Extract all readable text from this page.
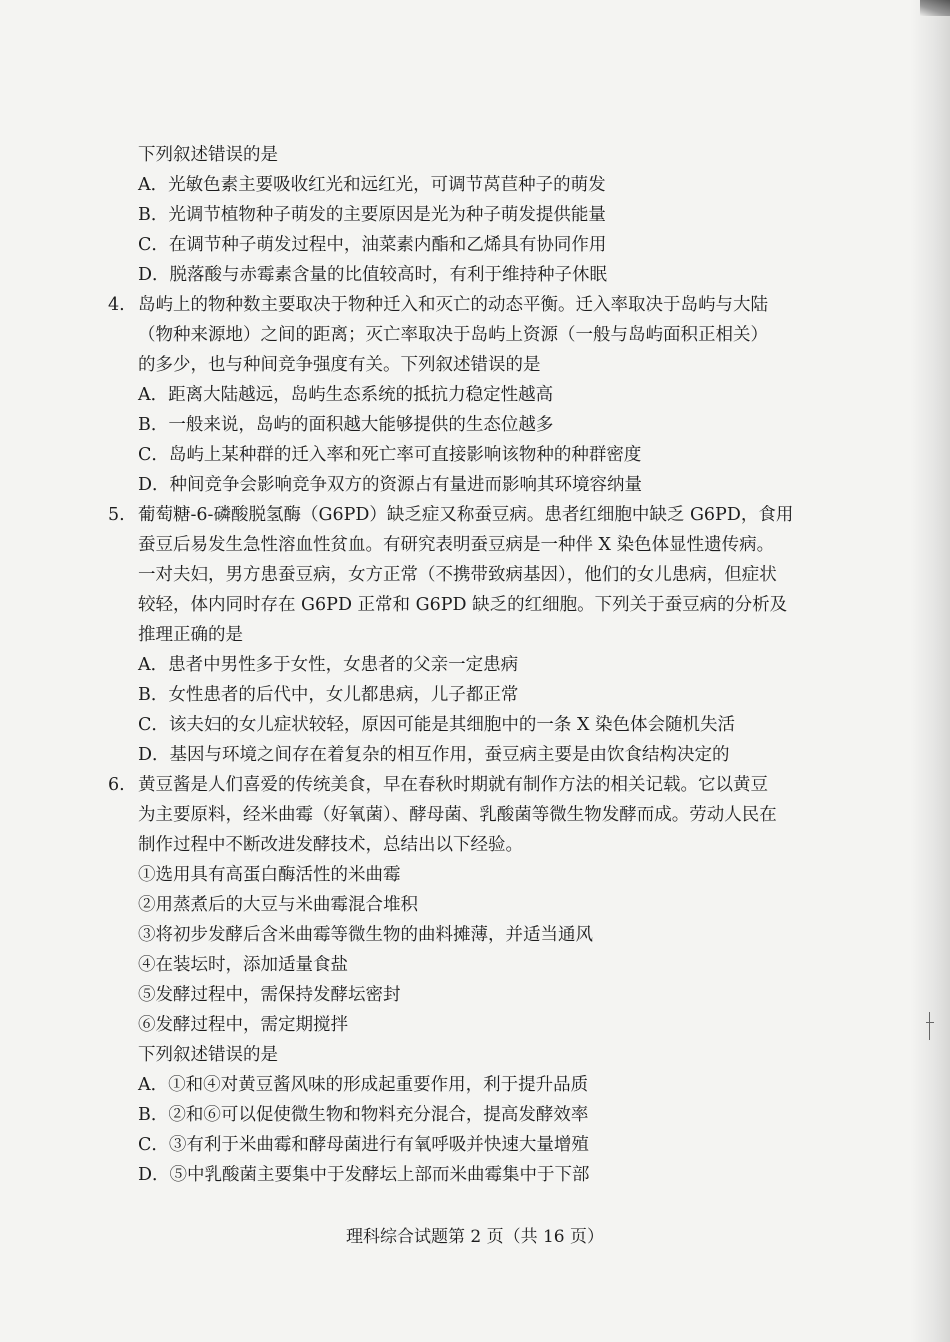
下列叙述错误的是
A．光敏色素主要吸收红光和远红光，可调节莴苣种子的萌发
B．光调节植物种子萌发的主要原因是光为种子萌发提供能量
C．在调节种子萌发过程中，油菜素内酯和乙烯具有协同作用
D．脱落酸与赤霉素含量的比值较高时，有利于维持种子休眠
4. 岛屿上的物种数主要取决于物种迁入和灭亡的动态平衡。迁入率取决于岛屿与大陆
（物种来源地）之间的距离；灭亡率取决于岛屿上资源（一般与岛屿面积正相关）
的多少，也与种间竞争强度有关。下列叙述错误的是
A．距离大陆越远，岛屿生态系统的抵抗力稳定性越高
B．一般来说，岛屿的面积越大能够提供的生态位越多
C．岛屿上某种群的迁入率和死亡率可直接影响该物种的种群密度
D．种间竞争会影响竞争双方的资源占有量进而影响其环境容纳量
5. 葡萄糖-6-磷酸脱氢酶（G6PD）缺乏症又称蚕豆病。患者红细胞中缺乏 G6PD，食用
蚕豆后易发生急性溶血性贫血。有研究表明蚕豆病是一种伴 X 染色体显性遗传病。
一对夫妇，男方患蚕豆病，女方正常（不携带致病基因），他们的女儿患病，但症状
较轻，体内同时存在 G6PD 正常和 G6PD 缺乏的红细胞。下列关于蚕豆病的分析及
推理正确的是
A．患者中男性多于女性，女患者的父亲一定患病
B．女性患者的后代中，女儿都患病，儿子都正常
C．该夫妇的女儿症状较轻，原因可能是其细胞中的一条 X 染色体会随机失活
D．基因与环境之间存在着复杂的相互作用，蚕豆病主要是由饮食结构决定的
6. 黄豆酱是人们喜爱的传统美食，早在春秋时期就有制作方法的相关记载。它以黄豆
为主要原料，经米曲霉（好氧菌）、酵母菌、乳酸菌等微生物发酵而成。劳动人民在
制作过程中不断改进发酵技术，总结出以下经验。
①选用具有高蛋白酶活性的米曲霉
②用蒸煮后的大豆与米曲霉混合堆积
③将初步发酵后含米曲霉等微生物的曲料摊薄，并适当通风
④在装坛时，添加适量食盐
⑤发酵过程中，需保持发酵坛密封
⑥发酵过程中，需定期搅拌
下列叙述错误的是
A．①和④对黄豆酱风味的形成起重要作用，利于提升品质
B．②和⑥可以促使微生物和物料充分混合，提高发酵效率
C．③有利于米曲霉和酵母菌进行有氧呼吸并快速大量增殖
D．⑤中乳酸菌主要集中于发酵坛上部而米曲霉集中于下部
理科综合试题第 2 页（共 16 页）
